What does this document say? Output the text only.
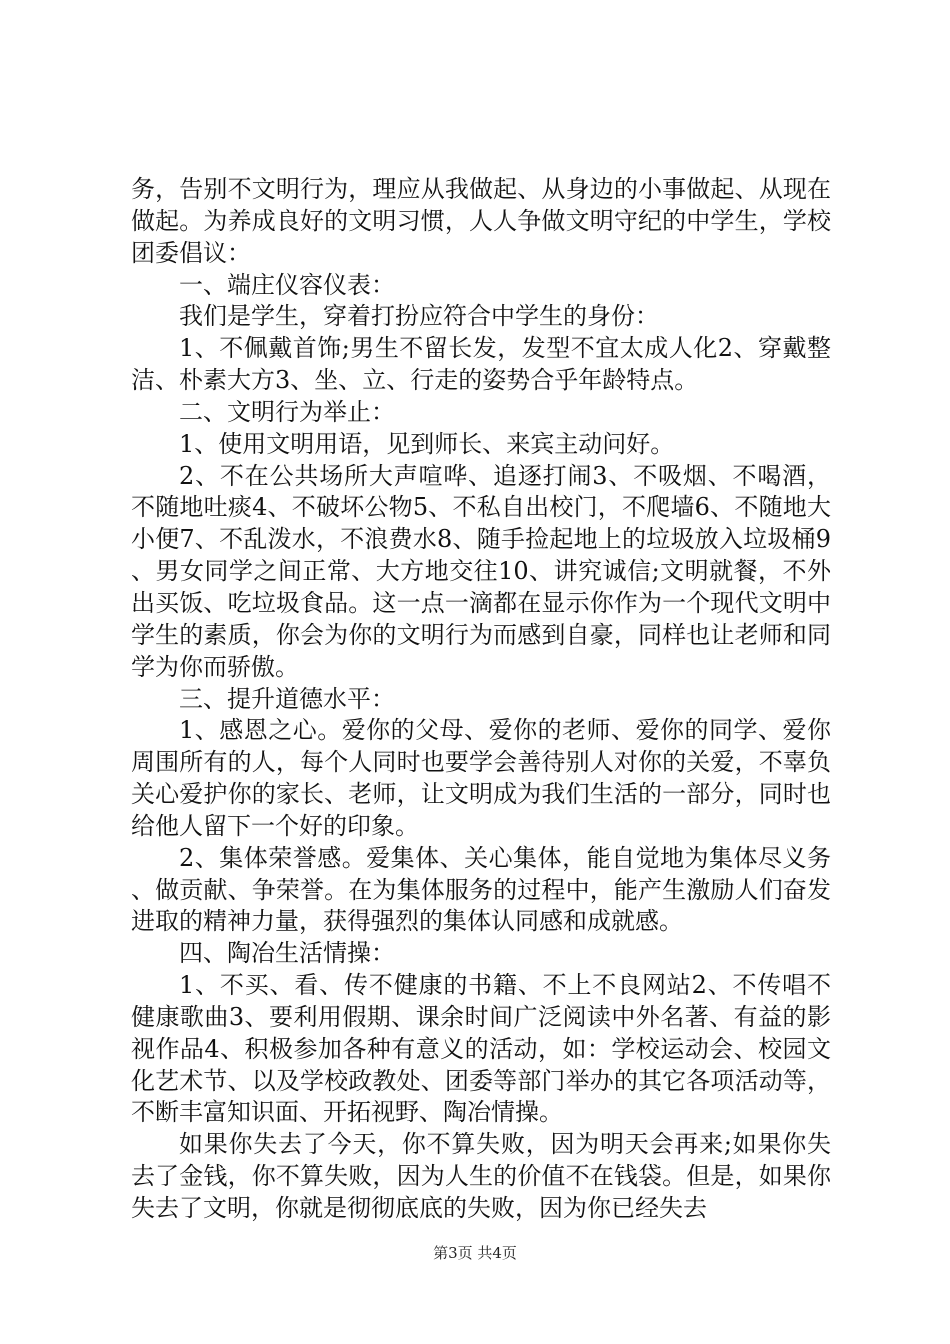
务，告别不文明行为，理应从我做起、从身边的小事做起、从现在做起。为养成良好的文明习惯，人人争做文明守纪的中学生，学校团委倡议：

一、端庄仪容仪表：

我们是学生，穿着打扮应符合中学生的身份：

1、不佩戴首饰;男生不留长发，发型不宜太成人化2、穿戴整洁、朴素大方3、坐、立、行走的姿势合乎年龄特点。

二、文明行为举止：

1、使用文明用语，见到师长、来宾主动问好。

2、不在公共场所大声喧哗、追逐打闹3、不吸烟、不喝酒，不随地吐痰4、不破坏公物5、不私自出校门，不爬墙6、不随地大小便7、不乱泼水，不浪费水8、随手捡起地上的垃圾放入垃圾桶9、男女同学之间正常、大方地交往10、讲究诚信;文明就餐，不外出买饭、吃垃圾食品。这一点一滴都在显示你作为一个现代文明中学生的素质，你会为你的文明行为而感到自豪，同样也让老师和同学为你而骄傲。

三、提升道德水平：

1、感恩之心。爱你的父母、爱你的老师、爱你的同学、爱你周围所有的人，每个人同时也要学会善待别人对你的关爱，不辜负关心爱护你的家长、老师，让文明成为我们生活的一部分，同时也给他人留下一个好的印象。

2、集体荣誉感。爱集体、关心集体，能自觉地为集体尽义务、做贡献、争荣誉。在为集体服务的过程中，能产生激励人们奋发进取的精神力量，获得强烈的集体认同感和成就感。

四、陶冶生活情操：

1、不买、看、传不健康的书籍、不上不良网站2、不传唱不健康歌曲3、要利用假期、课余时间广泛阅读中外名著、有益的影视作品4、积极参加各种有意义的活动，如：学校运动会、校园文化艺术节、以及学校政教处、团委等部门举办的其它各项活动等，不断丰富知识面、开拓视野、陶冶情操。

如果你失去了今天，你不算失败，因为明天会再来;如果你失去了金钱，你不算失败，因为人生的价值不在钱袋。但是，如果你失去了文明，你就是彻彻底底的失败，因为你已经失去

第3页 共4页
